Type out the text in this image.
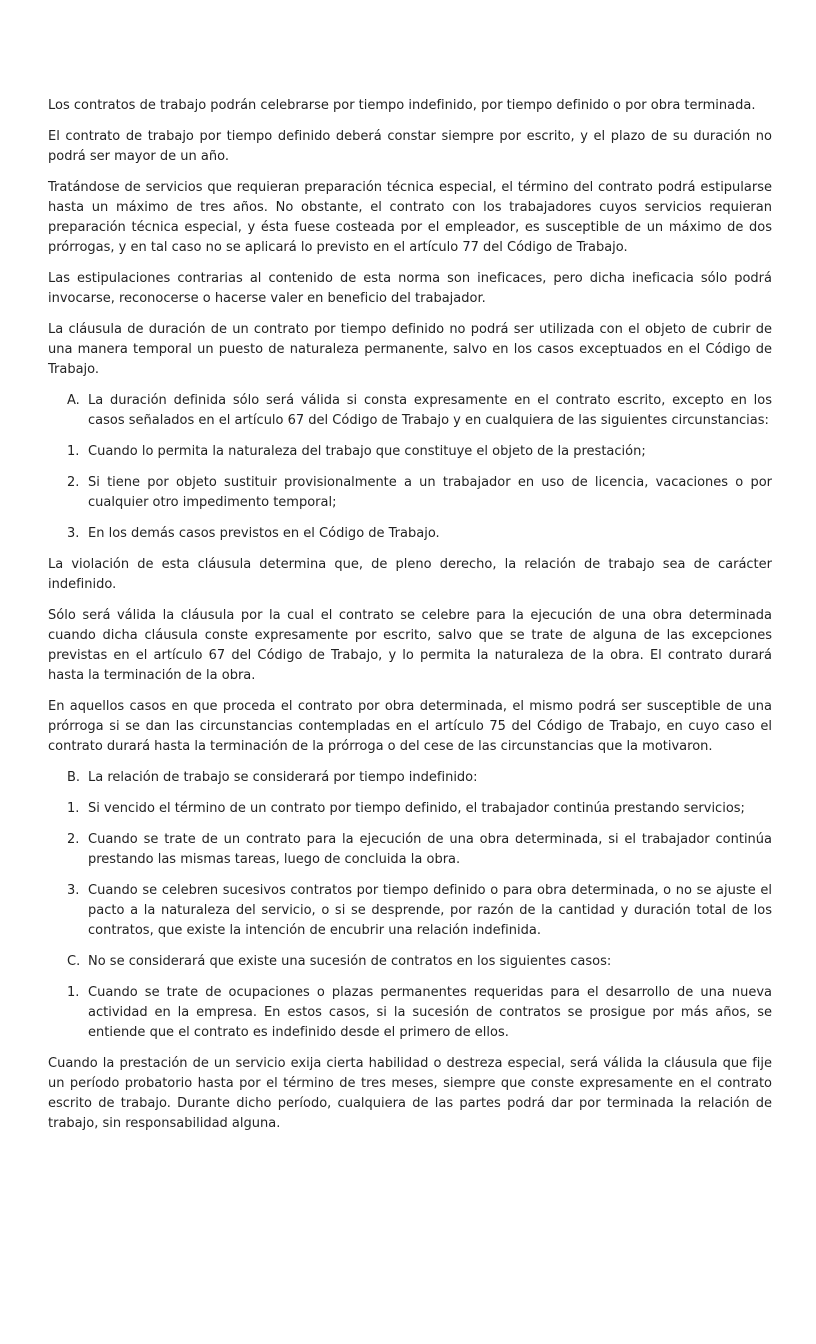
Los contratos de trabajo podrán celebrarse por tiempo indefinido, por tiempo definido o por obra terminada.
El contrato de trabajo por tiempo definido deberá constar siempre por escrito, y el plazo de su duración no podrá ser mayor de un año.
Tratándose de servicios que requieran preparación técnica especial, el término del contrato podrá estipularse hasta un máximo de tres años. No obstante, el contrato con los trabajadores cuyos servicios requieran preparación técnica especial, y ésta fuese costeada por el empleador, es susceptible de un máximo de dos prórrogas, y en tal caso no se aplicará lo previsto en el artículo 77 del Código de Trabajo.
Las estipulaciones contrarias al contenido de esta norma son ineficaces, pero dicha ineficacia sólo podrá invocarse, reconocerse o hacerse valer en beneficio del trabajador.
La cláusula de duración de un contrato por tiempo definido no podrá ser utilizada con el objeto de cubrir de una manera temporal un puesto de naturaleza permanente, salvo en los casos exceptuados en el Código de Trabajo.
A. La duración definida sólo será válida si consta expresamente en el contrato escrito, excepto en los casos señalados en el artículo 67 del Código de Trabajo y en cualquiera de las siguientes circunstancias:
1. Cuando lo permita la naturaleza del trabajo que constituye el objeto de la prestación;
2. Si tiene por objeto sustituir provisionalmente a un trabajador en uso de licencia, vacaciones o por cualquier otro impedimento temporal;
3. En los demás casos previstos en el Código de Trabajo.
La violación de esta cláusula determina que, de pleno derecho, la relación de trabajo sea de carácter indefinido.
Sólo será válida la cláusula por la cual el contrato se celebre para la ejecución de una obra determinada cuando dicha cláusula conste expresamente por escrito, salvo que se trate de alguna de las excepciones previstas en el artículo 67 del Código de Trabajo, y lo permita la naturaleza de la obra. El contrato durará hasta la terminación de la obra.
En aquellos casos en que proceda el contrato por obra determinada, el mismo podrá ser susceptible de una prórroga si se dan las circunstancias contempladas en el artículo 75 del Código de Trabajo, en cuyo caso el contrato durará hasta la terminación de la prórroga o del cese de las circunstancias que la motivaron.
B. La relación de trabajo se considerará por tiempo indefinido:
1. Si vencido el término de un contrato por tiempo definido, el trabajador continúa prestando servicios;
2. Cuando se trate de un contrato para la ejecución de una obra determinada, si el trabajador continúa prestando las mismas tareas, luego de concluida la obra.
3. Cuando se celebren sucesivos contratos por tiempo definido o para obra determinada, o no se ajuste el pacto a la naturaleza del servicio, o si se desprende, por razón de la cantidad y duración total de los contratos, que existe la intención de encubrir una relación indefinida.
C. No se considerará que existe una sucesión de contratos en los siguientes casos:
1. Cuando se trate de ocupaciones o plazas permanentes requeridas para el desarrollo de una nueva actividad en la empresa. En estos casos, si la sucesión de contratos se prosigue por más años, se entiende que el contrato es indefinido desde el primero de ellos.
Cuando la prestación de un servicio exija cierta habilidad o destreza especial, será válida la cláusula que fije un período probatorio hasta por el término de tres meses, siempre que conste expresamente en el contrato escrito de trabajo. Durante dicho período, cualquiera de las partes podrá dar por terminada la relación de trabajo, sin responsabilidad alguna.
